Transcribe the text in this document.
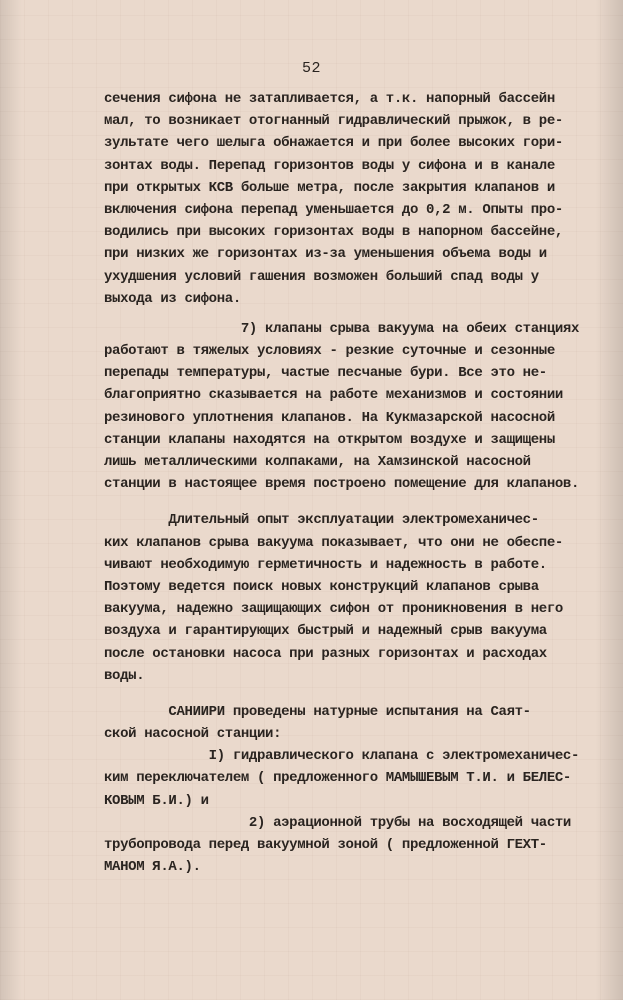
52
сечения сифона не затапливается, а т.к. напорный бассейн
мал, то возникает отогнанный гидравлический прыжок, в ре-
зультате чего шелыга обнажается и при более высоких гори-
зонтах воды. Перепад горизонтов воды у сифона и в канале
при открытых КСВ больше метра, после закрытия клапанов и
включения сифона перепад уменьшается до 0,2 м. Опыты про-
водились при высоких горизонтах воды в напорном бассейне,
при низких же горизонтах из-за уменьшения объема воды и
ухудшения условий гашения возможен больший спад воды у
выхода из сифона.
7) клапаны срыва вакуума на обеих станциях
работают в тяжелых условиях - резкие суточные и сезонные
перепады температуры, частые песчаные бури. Все это не-
благоприятно сказывается на работе механизмов и состоянии
резинового уплотнения клапанов. На Кукмазарской насосной
станции клапаны находятся на открытом воздухе и защищены
лишь металлическими колпаками, на Хамзинской насосной
станции в настоящее время построено помещение для клапанов.
Длительный опыт эксплуатации электромеханичес-
ких клапанов срыва вакуума показывает, что они не обеспе-
чивают необходимую герметичность и надежность в работе.
Поэтому ведется поиск новых конструкций клапанов срыва
вакуума, надежно защищающих сифон от проникновения в него
воздуха и гарантирующих быстрый и надежный срыв вакуума
после остановки насоса при разных горизонтах и расходах
воды.
САНИИРИ проведены натурные испытания на Саят-
ской насосной станции:
I) гидравлического клапана с электромеханичес-
ким переключателем ( предложенного МАМЫШЕВЫМ Т.И. и БЕЛЕС-
КОВЫМ Б.И.) и
2) аэрационной трубы на восходящей части
трубопровода перед вакуумной зоной ( предложенной ГЕХТ-
МАНОМ Я.А.).
